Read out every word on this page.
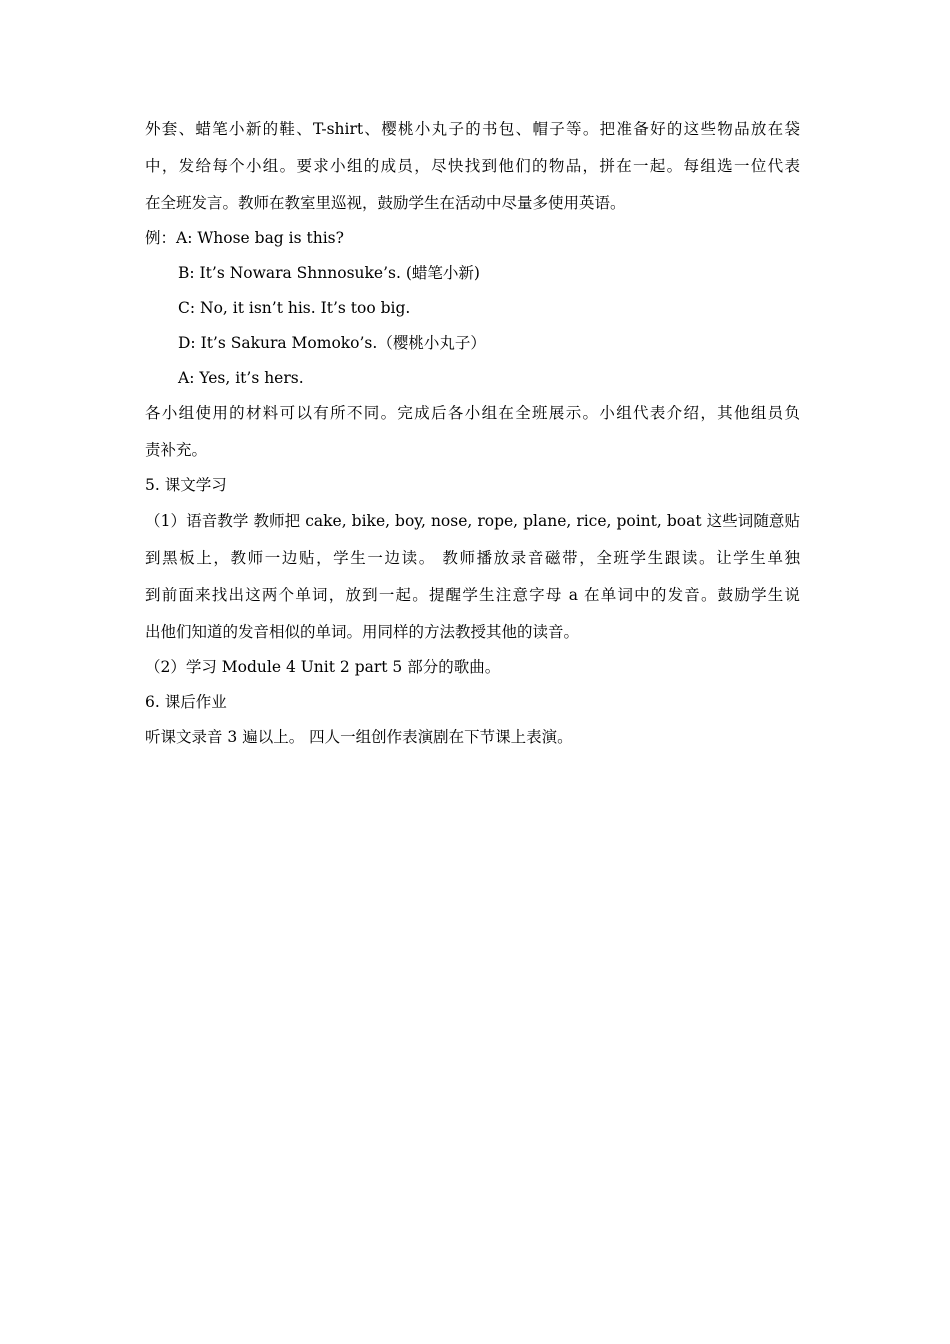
外套、蜡笔小新的鞋、T-shirt、樱桃小丸子的书包、帽子等。把准备好的这些物品放在袋
中，发给每个小组。要求小组的成员，尽快找到他们的物品，拼在一起。每组选一位代表
在全班发言。教师在教室里巡视，鼓励学生在活动中尽量多使用英语。
例：A: Whose bag is this?
B: It’s Nowara Shnnosuke’s. (蜡笔小新)
C: No, it isn’t his. It’s too big.
D: It’s Sakura Momoko’s.（樱桃小丸子）
A: Yes, it’s hers.
各小组使用的材料可以有所不同。完成后各小组在全班展示。小组代表介绍，其他组员负
责补充。
5. 课文学习
（1）语音教学 教师把 cake, bike, boy, nose, rope, plane, rice, point, boat 这些词随意贴
到黑板上，教师一边贴，学生一边读。 教师播放录音磁带，全班学生跟读。让学生单独
到前面来找出这两个单词，放到一起。提醒学生注意字母 a 在单词中的发音。鼓励学生说
出他们知道的发音相似的单词。用同样的方法教授其他的读音。
（2）学习 Module 4 Unit 2 part 5 部分的歌曲。
6. 课后作业
听课文录音 3 遍以上。 四人一组创作表演剧在下节课上表演。
